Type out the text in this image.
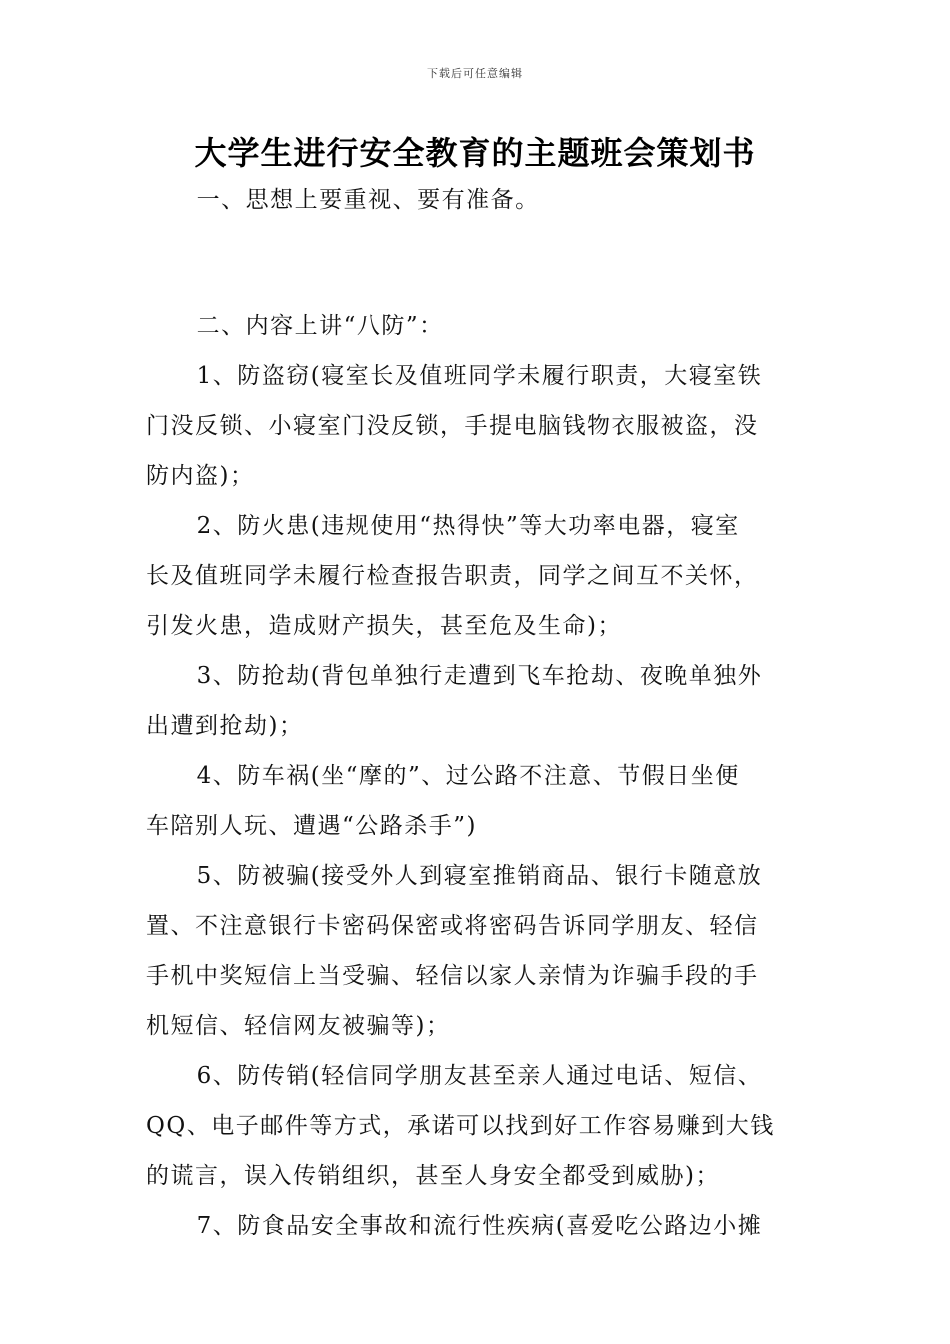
下载后可任意编辑
大学生进行安全教育的主题班会策划书

一、思想上要重视、要有准备。

二、内容上讲“八防”：

1、防盗窃(寝室长及值班同学未履行职责，大寝室铁

门没反锁、小寝室门没反锁，手提电脑钱物衣服被盗，没
防内盗)；

2、防火患(违规使用“热得快”等大功率电器，寝室

长及值班同学未履行检查报告职责，同学之间互不关怀，
引发火患，造成财产损失，甚至危及生命)；

3、防抢劫(背包单独行走遭到飞车抢劫、夜晚单独外

出遭到抢劫)；

4、防车祸(坐“摩的”、过公路不注意、节假日坐便

车陪别人玩、遭遇“公路杀手”)

5、防被骗(接受外人到寝室推销商品、银行卡随意放

置、不注意银行卡密码保密或将密码告诉同学朋友、轻信
手机中奖短信上当受骗、轻信以家人亲情为诈骗手段的手
机短信、轻信网友被骗等)；

6、防传销(轻信同学朋友甚至亲人通过电话、短信、

QQ、电子邮件等方式，承诺可以找到好工作容易赚到大钱
的谎言，误入传销组织，甚至人身安全都受到威胁)；

7、防食品安全事故和流行性疾病(喜爱吃公路边小摊
